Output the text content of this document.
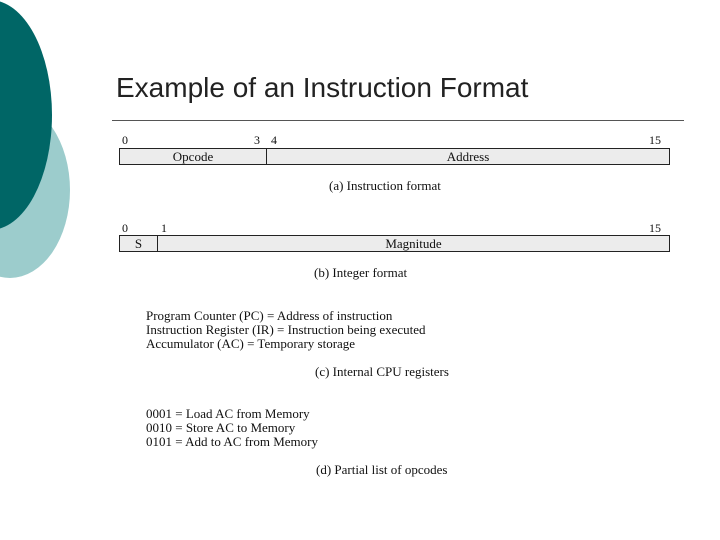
Example of an Instruction Format
0	3 4	15
Opcode	Address
(a) Instruction format
0	1	15
S	Magnitude
(b) Integer format
Program Counter (PC) = Address of instruction
Instruction Register (IR) = Instruction being executed
Accumulator (AC) = Temporary storage
(c) Internal CPU registers
0001 = Load AC from Memory
0010 = Store AC to Memory
0101 = Add to AC from Memory
(d) Partial list of opcodes
